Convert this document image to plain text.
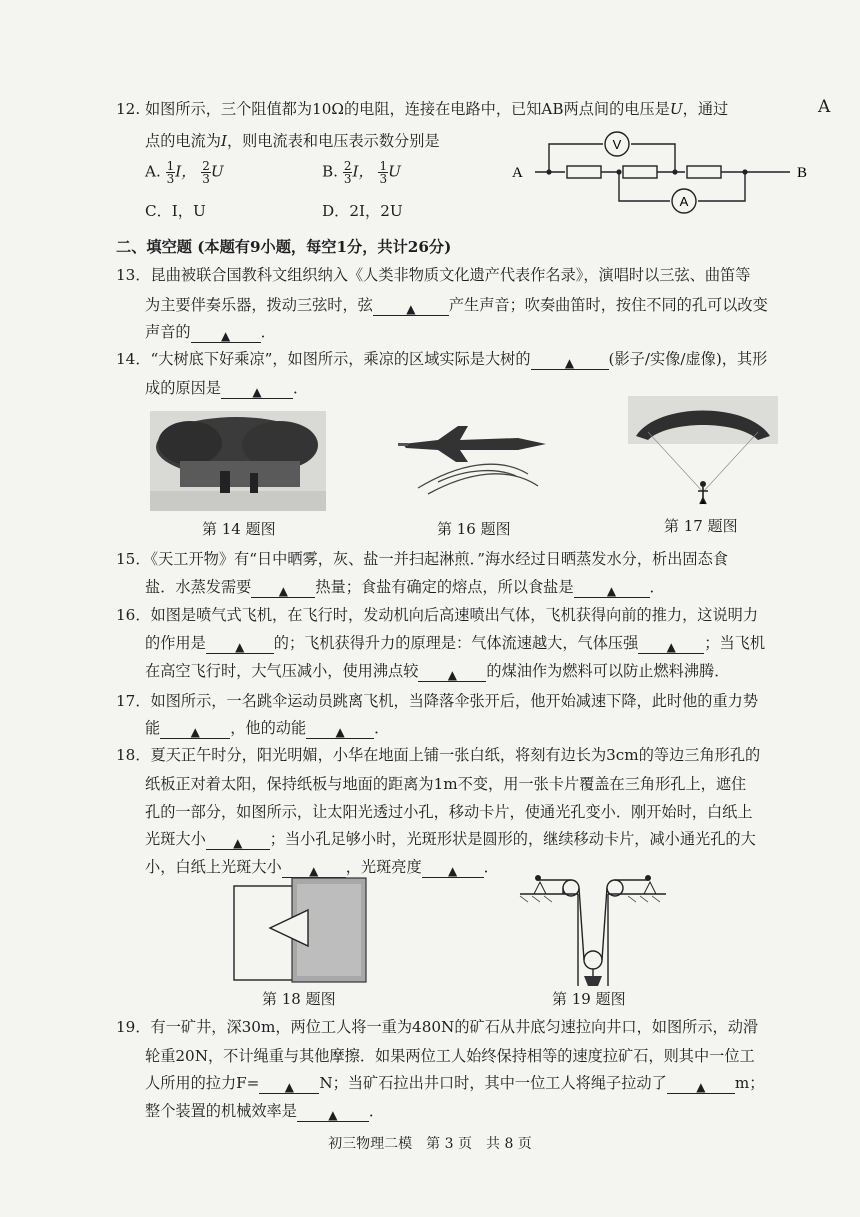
12. 如图所示，三个阻值都为10Ω的电阻，连接在电路中，已知AB两点间的电压是U，通过	A
点的电流为I，则电流表和电压表示数分别是
A. $\frac{1}{3}$ I， $\frac{2}{3}$ U	B. $\frac{2}{3}$ I， $\frac{1}{3}$ U
C．I，U	D．2I，2U
V
A
A	B
二、填空题 (本题有9小题，每空1分，共计26分)
13．昆曲被联合国教科文组织纳入《人类非物质文化遗产代表作名录》，演唱时以三弦、曲笛等
为主要伴奏乐器，拨动三弦时，弦	▲ 产生声音；吹奏曲笛时，按住不同的孔可以改变
声音的	▲ ．
14．“大树底下好乘凉”，如图所示，乘凉的区域实际是大树的	▲ (影子/实像/虚像)，其形
成的原因是	▲ ．
第 14 题图	第 16 题图	第 17 题图
15．《天工开物》有“日中晒雾，灰、盐一并扫起淋煎．”海水经过日晒蒸发水分，析出固态食
盐．水蒸发需要 ▲ 热量；食盐有确定的熔点，所以食盐是	▲ ．
16．如图是喷气式飞机，在飞行时，发动机向后高速喷出气体，飞机获得向前的推力，这说明力
的作用是 ▲ 的；飞机获得升力的原理是：气体流速越大，气体压强 ▲ ；当飞机
在高空飞行时，大气压减小，使用沸点较 ▲ 的煤油作为燃料可以防止燃料沸腾．
17．如图所示，一名跳伞运动员跳离飞机，当降落伞张开后，他开始减速下降，此时他的重力势
能	▲ ，他的动能 ▲ ．
18．夏天正午时分，阳光明媚，小华在地面上铺一张白纸，将刻有边长为3cm的等边三角形孔的
纸板正对着太阳，保持纸板与地面的距离为1m不变，用一张卡片覆盖在三角形孔上，遮住
孔的一部分，如图所示，让太阳光透过小孔，移动卡片，使通光孔变小．刚开始时，白纸上
光斑大小 ▲ ；当小孔足够小时，光斑形状是圆形的，继续移动卡片，减小通光孔的大
小，白纸上光斑大小 ▲ ，光斑亮度 ▲ ．
第 18 题图	第 19 题图
19．有一矿井，深30m，两位工人将一重为480N的矿石从井底匀速拉向井口，如图所示，动滑
轮重20N，不计绳重与其他摩擦．如果两位工人始终保持相等的速度拉矿石，则其中一位工
人所用的拉力F= ▲ N；当矿石拉出井口时，其中一位工人将绳子拉动了 ▲ m；
整个装置的机械效率是	▲ ．
初三物理二模　第 3 页　共 8 页
